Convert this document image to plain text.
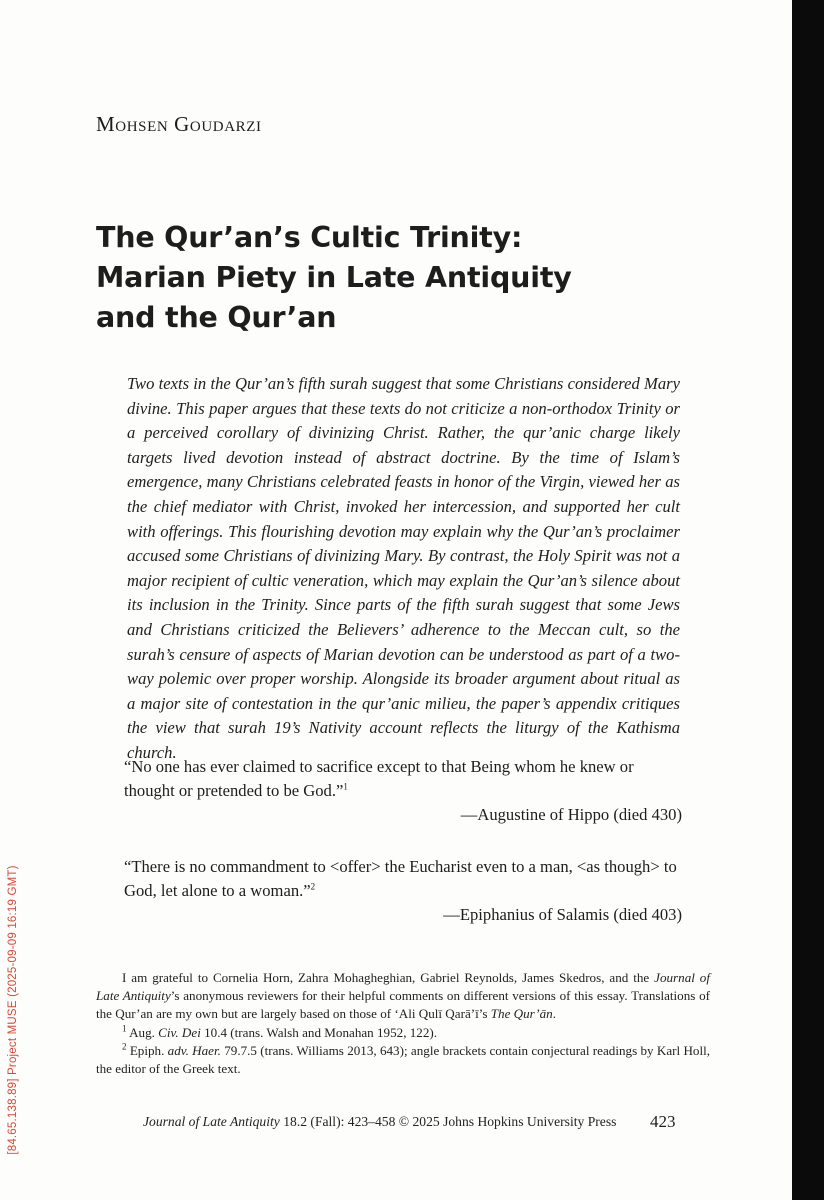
[84.65.138.89] Project MUSE (2025-09-09 16:19 GMT)
Mohsen Goudarzi
The Qur’an’s Cultic Trinity:
Marian Piety in Late Antiquity
and the Qur’an
Two texts in the Qur’an’s fifth surah suggest that some Christians considered Mary divine. This paper argues that these texts do not criticize a non-orthodox Trinity or a perceived corollary of divinizing Christ. Rather, the qur’anic charge likely targets lived devotion instead of abstract doctrine. By the time of Islam’s emergence, many Christians celebrated feasts in honor of the Virgin, viewed her as the chief mediator with Christ, invoked her intercession, and supported her cult with offerings. This flourishing devotion may explain why the Qur’an’s proclaimer accused some Christians of divinizing Mary. By contrast, the Holy Spirit was not a major recipient of cultic veneration, which may explain the Qur’an’s silence about its inclusion in the Trinity. Since parts of the fifth surah suggest that some Jews and Christians criticized the Believers’ adherence to the Meccan cult, so the surah’s censure of aspects of Marian devotion can be understood as part of a two-way polemic over proper worship. Alongside its broader argument about ritual as a major site of contestation in the qur’anic milieu, the paper’s appendix critiques the view that surah 19’s Nativity account reflects the liturgy of the Kathisma church.
“No one has ever claimed to sacrifice except to that Being whom he knew or thought or pretended to be God.”$^1$
—Augustine of Hippo (died 430)
“There is no commandment to <offer> the Eucharist even to a man, <as though> to God, let alone to a woman.”$^2$
—Epiphanius of Salamis (died 403)

I am grateful to Cornelia Horn, Zahra Mohagheghian, Gabriel Reynolds, James Skedros, and the Journal of Late Antiquity’s anonymous reviewers for their helpful comments on different versions of this essay. Translations of the Qur’an are my own but are largely based on those of ‘Ali Qulī Qarā’ī’s The Qur’ān.

$^1$ Aug. Civ. Dei 10.4 (trans. Walsh and Monahan 1952, 122).

$^2$ Epiph. adv. Haer. 79.7.5 (trans. Williams 2013, 643); angle brackets contain conjectural readings by Karl Holl, the editor of the Greek text.

Journal of Late Antiquity 18.2 (Fall): 423–458 © 2025 Johns Hopkins University Press 423
